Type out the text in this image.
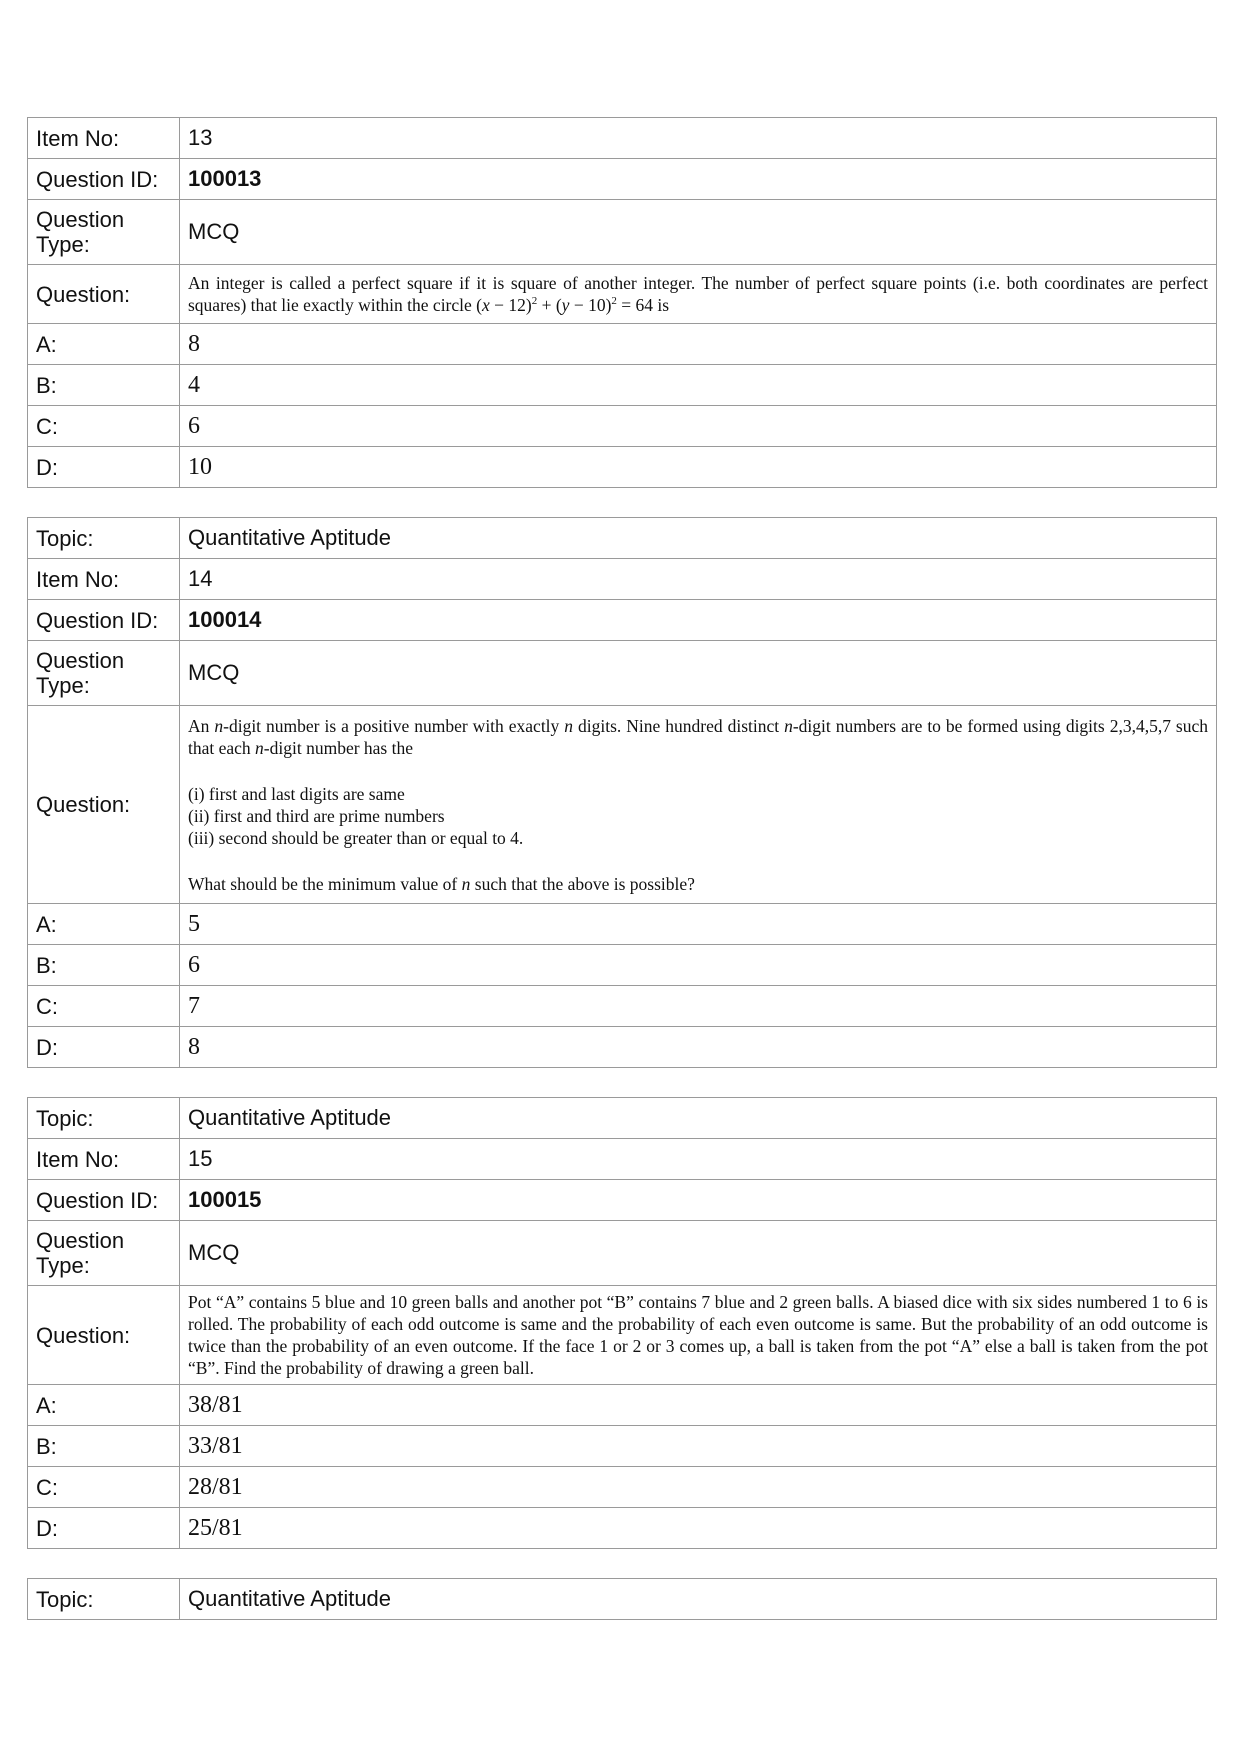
Item No:	13
Question ID:	100013
Question Type:	MCQ
Question:	An integer is called a perfect square if it is square of another integer. The number of perfect square points (i.e. both coordinates are perfect squares) that lie exactly within the circle $(x - 12)^2 + (y - 10)^2 = 64$ is
A:	8
B:	4
C:	6
D:	10
Topic:	Quantitative Aptitude
Item No:	14
Question ID:	100014
Question Type:	MCQ
Question:	An n-digit number is a positive number with exactly n digits. Nine hundred distinct n-digit numbers are to be formed using digits 2,3,4,5,7 such that each n-digit number has the

(i) first and last digits are same

(ii) first and third are prime numbers

(iii) second should be greater than or equal to 4.

What should be the minimum value of n such that the above is possible?

A:	5
B:	6
C:	7
D:	8
Topic:	Quantitative Aptitude
Item No:	15
Question ID:	100015
Question Type:	MCQ
Question:	Pot “A” contains 5 blue and 10 green balls and another pot “B” contains 7 blue and 2 green balls. A biased dice with six sides numbered 1 to 6 is rolled. The probability of each odd outcome is same and the probability of each even outcome is same. But the probability of an odd outcome is twice than the probability of an even outcome. If the face 1 or 2 or 3 comes up, a ball is taken from the pot “A” else a ball is taken from the pot “B”. Find the probability of drawing a green ball.
A:	38/81
B:	33/81
C:	28/81
D:	25/81
Topic:	Quantitative Aptitude
